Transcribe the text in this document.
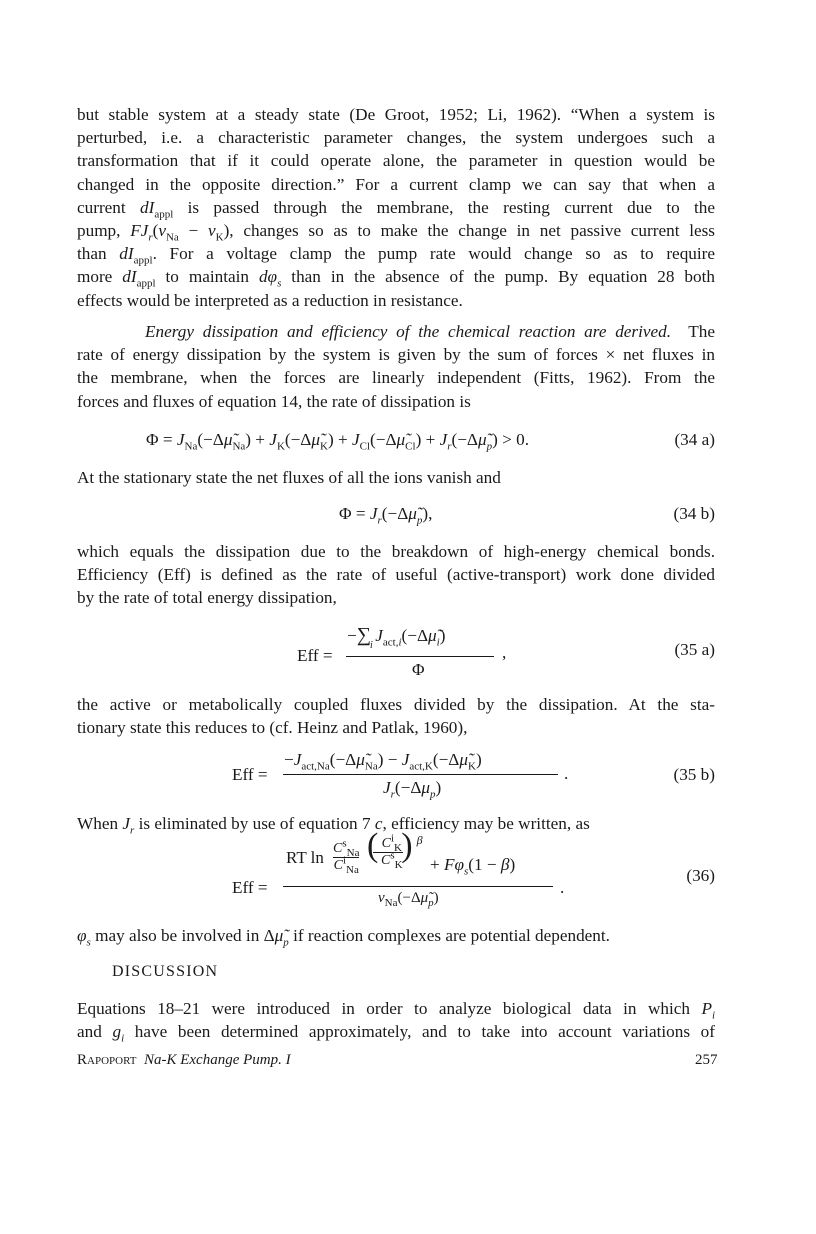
but stable system at a steady state (De Groot, 1952; Li, 1962). “When a system is
perturbed, i.e. a characteristic parameter changes, the system undergoes such a
transformation that if it could operate alone, the parameter in question would be
changed in the opposite direction.” For a current clamp we can say that when a
current $dI_{appl}$ is passed through the membrane, the resting current due to the
pump, $FJ_r(\nu_{Na} - \nu_K)$, changes so as to make the change in net passive current less
than $dI_{appl}$. For a voltage clamp the pump rate would change so as to require
more $dI_{appl}$ to maintain $d\varphi_s$ than in the absence of the pump. By equation 28 both
effects would be interpreted as a reduction in resistance.
Energy dissipation and efficiency of the chemical reaction are derived.  The
rate of energy dissipation by the system is given by the sum of forces × net fluxes in
the membrane, when the forces are linearly independent (Fitts, 1962). From the
forces and fluxes of equation 14, the rate of dissipation is
$\Phi = J_{Na}(-\Delta\mũ_{Na})$ + $J_K(-\Delta\mũ_K)$ + $J_{Cl}(-\Delta\mũ_{Cl})$ + $J_r(-\Delta\mũ_p) > 0$.	(34 a)
At the stationary state the net fluxes of all the ions vanish and
$\Phi = J_r(-\Delta\mũ_p)$,	(34 b)
which equals the dissipation due to the breakdown of high-energy chemical bonds.
Efficiency (Eff) is defined as the rate of useful (active-transport) work done divided
by the rate of total energy dissipation,
Eff =
−∑ $J_{act,i}(-\Delta\mũ_i)$
i
Φ
,	(35 a)
the active or metabolically coupled fluxes divided by the dissipation. At the sta-
tionary state this reduces to (cf. Heinz and Patlak, 1960),
Eff =
$-J_{act,Na}(-\Delta\mũ_{Na})$ − $J_{act,K}(-\Delta\mũ_K)$
$J_r(-\Delta\mu_p)$
.	(35 b)
When $J_r$ is eliminated by use of equation 7 c, efficiency may be written, as
Eff =
RT $\ln C^s_{Na}$
$C^i_{Na}$
( $C^i_K$
$C^s_K$
) β
+ $F\varphi_s(1 - \beta)$
$\nu_{Na}(-\Delta\mũ_p)$
.
(36)
$\varphi_s$ may also be involved in $\Delta\mũ_p$ if reaction complexes are potential dependent.
DISCUSSION
Equations 18–21 were introduced in order to analyze biological data in which $P_i$
and $g_i$ have been determined approximately, and to take into account variations of
Rapoport Na-K Exchange Pump. I	257
